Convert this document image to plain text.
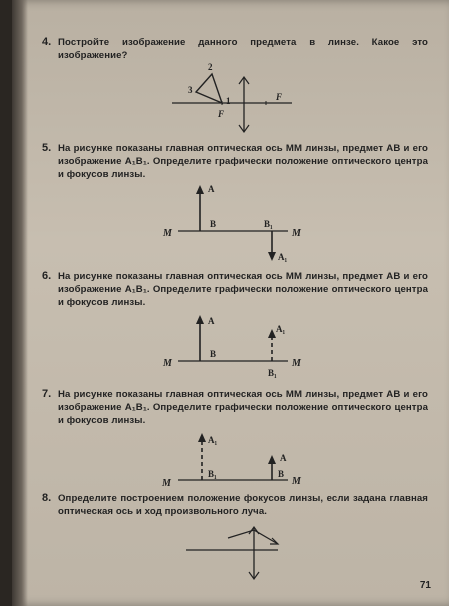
4. Постройте изображение данного предмета в линзе. Какое это изображение?
2
3
1
F
F
5. На рисунке показаны главная оптическая ось MM линзы, предмет AB и его изображение A₁B₁. Определите графически положение оптического центра и фокусов линзы.
M	M
A
B	B₁
A₁
6. На рисунке показаны главная оптическая ось MM линзы, предмет AB и его изображение A₁B₁. Определите графически положение оптического центра и фокусов линзы.
M	M
A
B
A₁
B₁
7. На рисунке показаны главная оптическая ось MM линзы, предмет AB и его изображение A₁B₁. Определите графически положение оптического центра и фокусов линзы.
M	M
A₁
B₁
A
B
8. Определите построением положение фокусов линзы, если задана главная оптическая ось и ход произвольного луча.
71
